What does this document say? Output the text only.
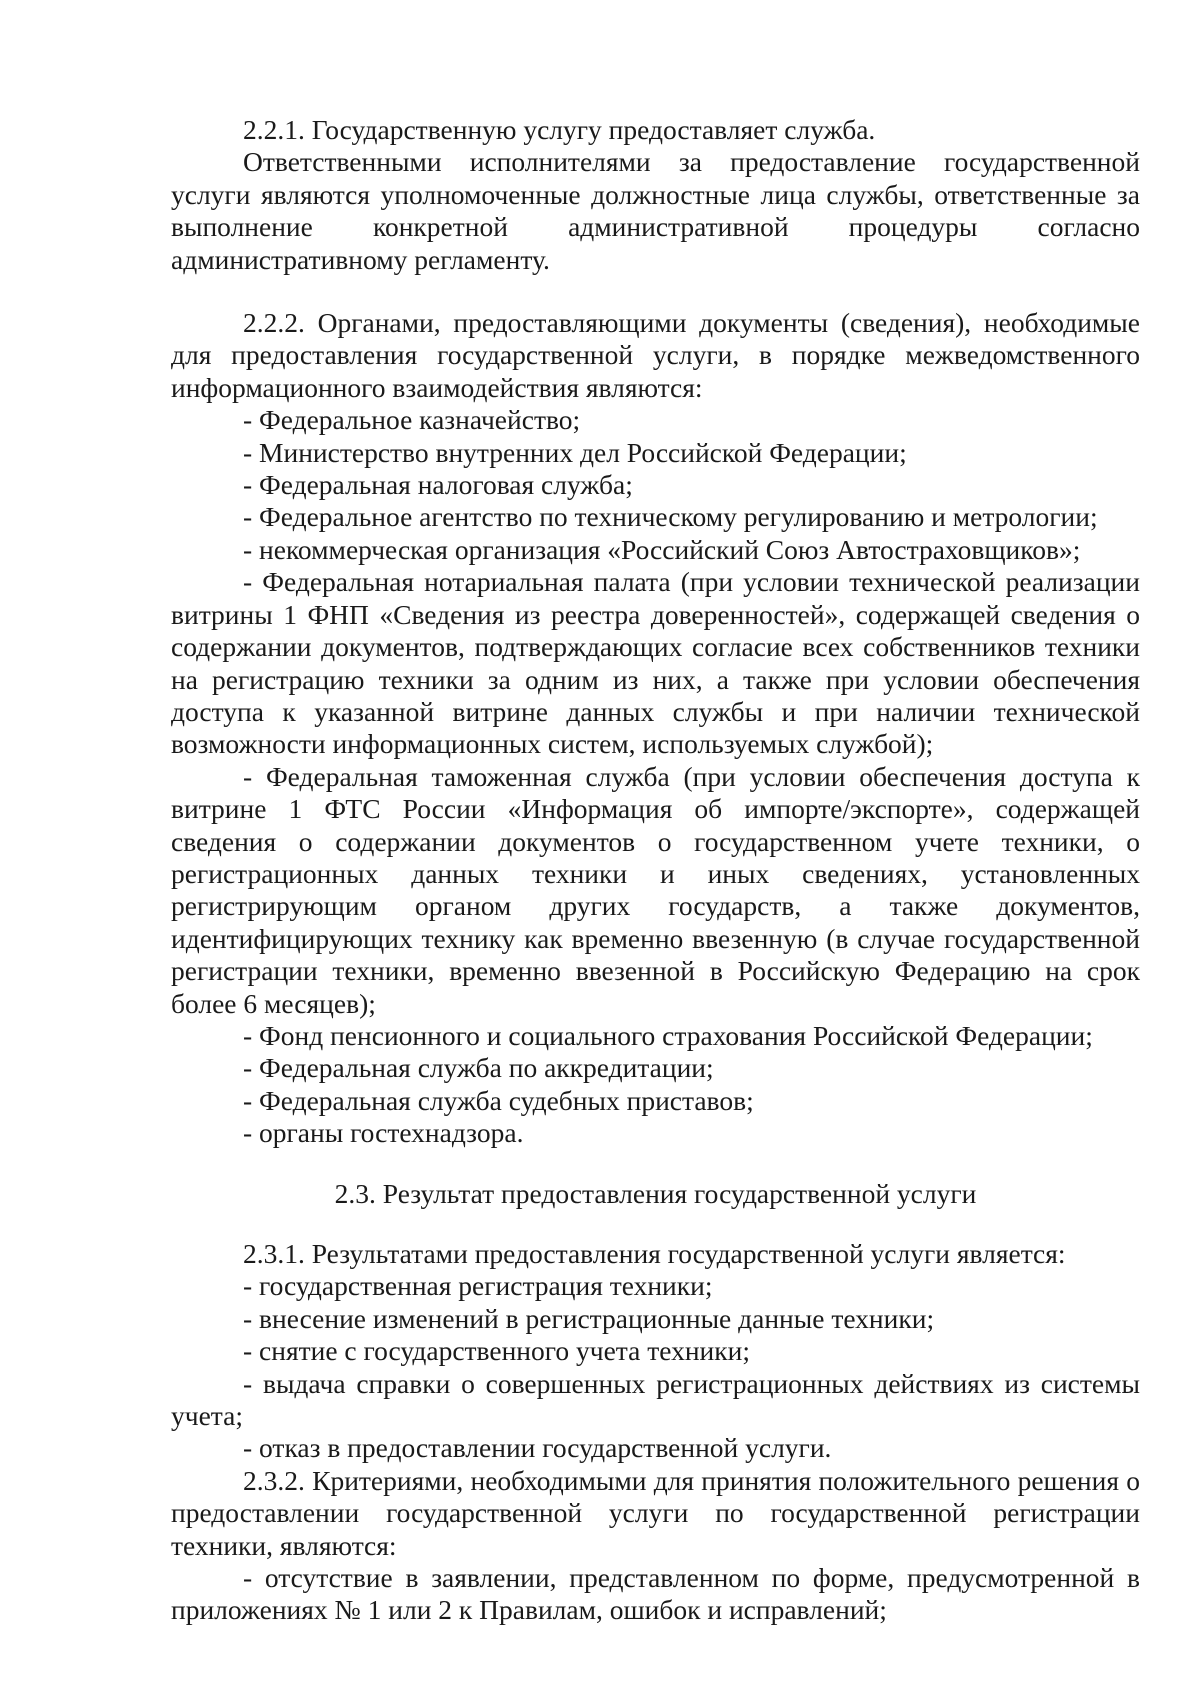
2.2.1. Государственную услугу предоставляет служба.

Ответственными исполнителями за предоставление государственной услуги являются уполномоченные должностные лица службы, ответственные за выполнение конкретной административной процедуры согласно административному регламенту.

2.2.2. Органами, предоставляющими документы (сведения), необходимые для предоставления государственной услуги, в порядке межведомственного информационного взаимодействия являются:

- Федеральное казначейство;

- Министерство внутренних дел Российской Федерации;

- Федеральная налоговая служба;

- Федеральное агентство по техническому регулированию и метрологии;

- некоммерческая организация «Российский Союз Автостраховщиков»;

- Федеральная нотариальная палата (при условии технической реализации витрины 1 ФНП «Сведения из реестра доверенностей», содержащей сведения о содержании документов, подтверждающих согласие всех собственников техники на регистрацию техники за одним из них, а также при условии обеспечения доступа к указанной витрине данных службы и при наличии технической возможности информационных систем, используемых службой);

- Федеральная таможенная служба (при условии обеспечения доступа к витрине 1 ФТС России «Информация об импорте/экспорте», содержащей сведения о содержании документов о государственном учете техники, о регистрационных данных техники и иных сведениях, установленных регистрирующим органом других государств, а также документов, идентифицирующих технику как временно ввезенную (в случае государственной регистрации техники, временно ввезенной в Российскую Федерацию на срок более 6 месяцев);

- Фонд пенсионного и социального страхования Российской Федерации;

- Федеральная служба по аккредитации;

- Федеральная служба судебных приставов;

- органы гостехнадзора.

2.3. Результат предоставления государственной услуги

2.3.1. Результатами предоставления государственной услуги является:

- государственная регистрация техники;

- внесение изменений в регистрационные данные техники;

- снятие с государственного учета техники;

- выдача справки о совершенных регистрационных действиях из системы учета;

- отказ в предоставлении государственной услуги.

2.3.2. Критериями, необходимыми для принятия положительного решения о предоставлении государственной услуги по государственной регистрации техники, являются:

- отсутствие в заявлении, представленном по форме, предусмотренной в приложениях № 1 или 2 к Правилам, ошибок и исправлений;
